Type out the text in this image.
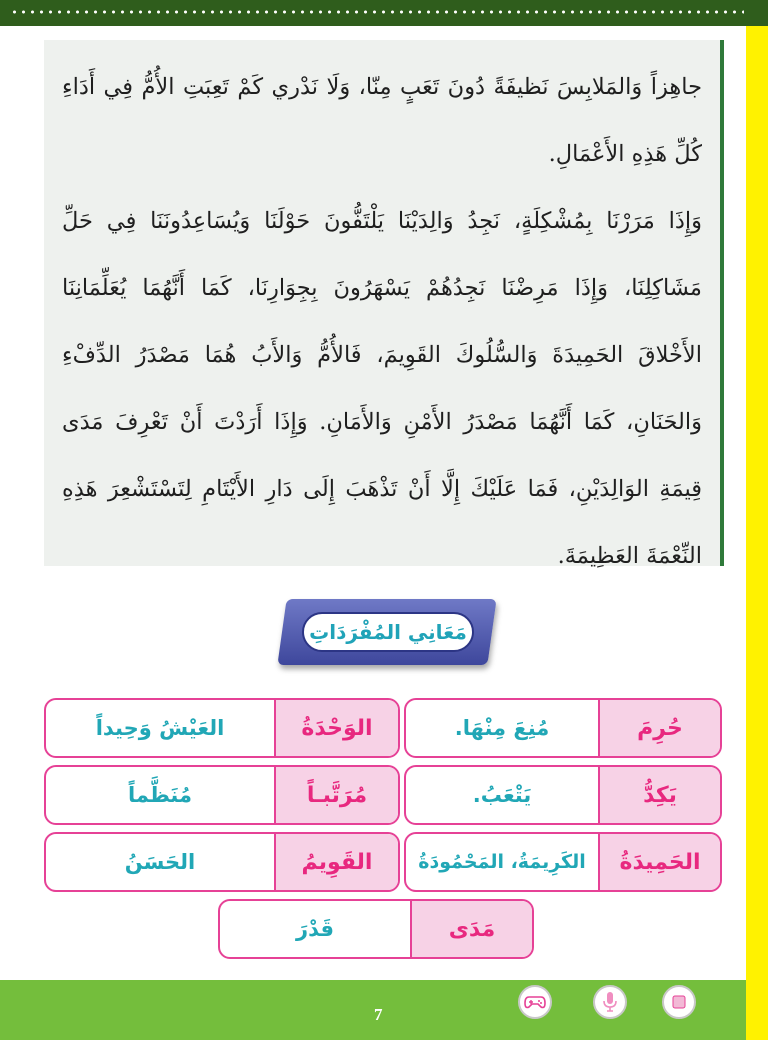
جاهِزاً وَالمَلابِسَ نَظيفَةً دُونَ تَعَبٍ مِنّا، وَلَا نَدْري كَمْ تَعِبَتِ الأُمُّ فِي أَدَاءِ كُلِّ هَذِهِ الأَعْمَالِ.

وَإِذَا مَرَرْنَا بِمُشْكِلَةٍ، نَجِدُ وَالِدَيْنَا يَلْتَفُّونَ حَوْلَنَا وَيُسَاعِدُونَنَا فِي حَلِّ مَشَاكِلِنَا، وَإِذَا مَرِضْنَا نَجِدُهُمْ يَسْهَرُونَ بِجِوَارِنَا، كَمَا أَنَّهُمَا يُعَلِّمَانِنَا الأَخْلاقَ الحَمِيدَةَ وَالسُّلُوكَ القَوِيمَ، فَالأُمُّ وَالأَبُ هُمَا مَصْدَرُ الدِّفْءِ وَالحَنَانِ، كَمَا أَنَّهُمَا مَصْدَرُ الأَمْنِ وَالأَمَانِ. وَإِذَا أَرَدْتَ أَنْ تَعْرِفَ مَدَى قِيمَةِ الوَالِدَيْنِ، فَمَا عَلَيْكَ إِلَّا أَنْ تَذْهَبَ إِلَى دَارِ الأَيْتَامِ لِتَسْتَشْعِرَ هَذِهِ النِّعْمَةَ العَظِيمَةَ.

مَعَانِي المُفْرَدَاتِ
حُرِمَ
مُنِعَ مِنْهَا.
الوَحْدَةُ
العَيْشُ وَحِيداً
يَكِدُّ
يَتْعَبُ.
مُرَتَّبـاً
مُنَظَّماً
الحَمِيدَةُ
الكَرِيمَةُ، المَحْمُودَةُ
القَوِيمُ
الحَسَنُ
مَدَى
قَدْرَ
7
